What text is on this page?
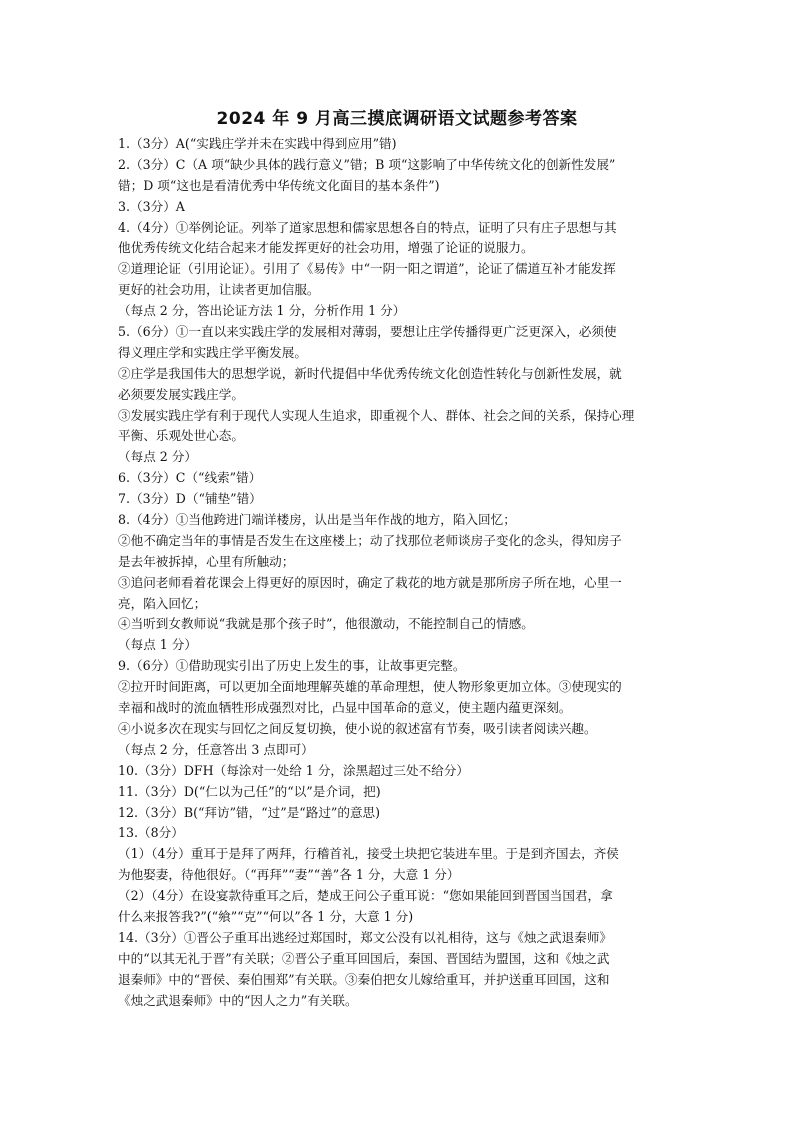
2024 年 9 月高三摸底调研语文试题参考答案
1.（3分）A(“实践庄学并未在实践中得到应用”错)
2.（3分）C（A 项“缺少具体的践行意义”错；B 项“这影响了中华传统文化的创新性发展”
错；D 项“这也是看清优秀中华传统文化面目的基本条件”)
3.（3分）A
4.（4分）①举例论证。列举了道家思想和儒家思想各自的特点，证明了只有庄子思想与其
他优秀传统文化结合起来才能发挥更好的社会功用，增强了论证的说服力。
②道理论证（引用论证）。引用了《易传》中“一阴一阳之谓道”，论证了儒道互补才能发挥
更好的社会功用，让读者更加信服。
（每点 2 分，答出论证方法 1 分，分析作用 1 分）
5.（6分）①一直以来实践庄学的发展相对薄弱，要想让庄学传播得更广泛更深入，必须使
得义理庄学和实践庄学平衡发展。
②庄学是我国伟大的思想学说，新时代提倡中华优秀传统文化创造性转化与创新性发展，就
必须要发展实践庄学。
③发展实践庄学有利于现代人实现人生追求，即重视个人、群体、社会之间的关系，保持心理
平衡、乐观处世心态。
（每点 2 分）
6.（3分）C（“线索”错）
7.（3分）D（“铺垫”错）
8.（4分）①当他跨进门端详楼房，认出是当年作战的地方，陷入回忆；
②他不确定当年的事情是否发生在这座楼上；动了找那位老师谈房子变化的念头，得知房子
是去年被拆掉，心里有所触动；
③追问老师看着花课会上得更好的原因时，确定了栽花的地方就是那所房子所在地，心里一
亮，陷入回忆；
④当听到女教师说“我就是那个孩子时”，他很激动，不能控制自己的情感。
（每点 1 分）
9.（6分）①借助现实引出了历史上发生的事，让故事更完整。
②拉开时间距离，可以更加全面地理解英雄的革命理想，使人物形象更加立体。③使现实的
幸福和战时的流血牺牲形成强烈对比，凸显中国革命的意义，使主题内蕴更深刻。
④小说多次在现实与回忆之间反复切换，使小说的叙述富有节奏，吸引读者阅读兴趣。
（每点 2 分，任意答出 3 点即可）
10.（3分）DFH（每涂对一处给 1 分，涂黑超过三处不给分）
11.（3分）D(“仁以为己任”的“以”是介词，把)
12.（3分）B(“拜访”错，“过”是“路过”的意思)
13.（8分）
（1）（4分）重耳于是拜了两拜，行稽首礼，接受土块把它装进车里。于是到齐国去，齐侯
为他娶妻，待他很好。（“再拜”“妻”“善”各 1 分，大意 1 分）
（2）（4分）在设宴款待重耳之后，楚成王问公子重耳说：“您如果能回到晋国当国君，拿
什么来报答我?”(“飨”“克”“何以”各 1 分，大意 1 分)
14.（3分）①晋公子重耳出逃经过郑国时，郑文公没有以礼相待，这与《烛之武退秦师》
中的“以其无礼于晋”有关联；②晋公子重耳回国后，秦国、晋国结为盟国，这和《烛之武
退秦师》中的“晋侯、秦伯围郑”有关联。③秦伯把女儿嫁给重耳，并护送重耳回国，这和
《烛之武退秦师》中的“因人之力”有关联。
